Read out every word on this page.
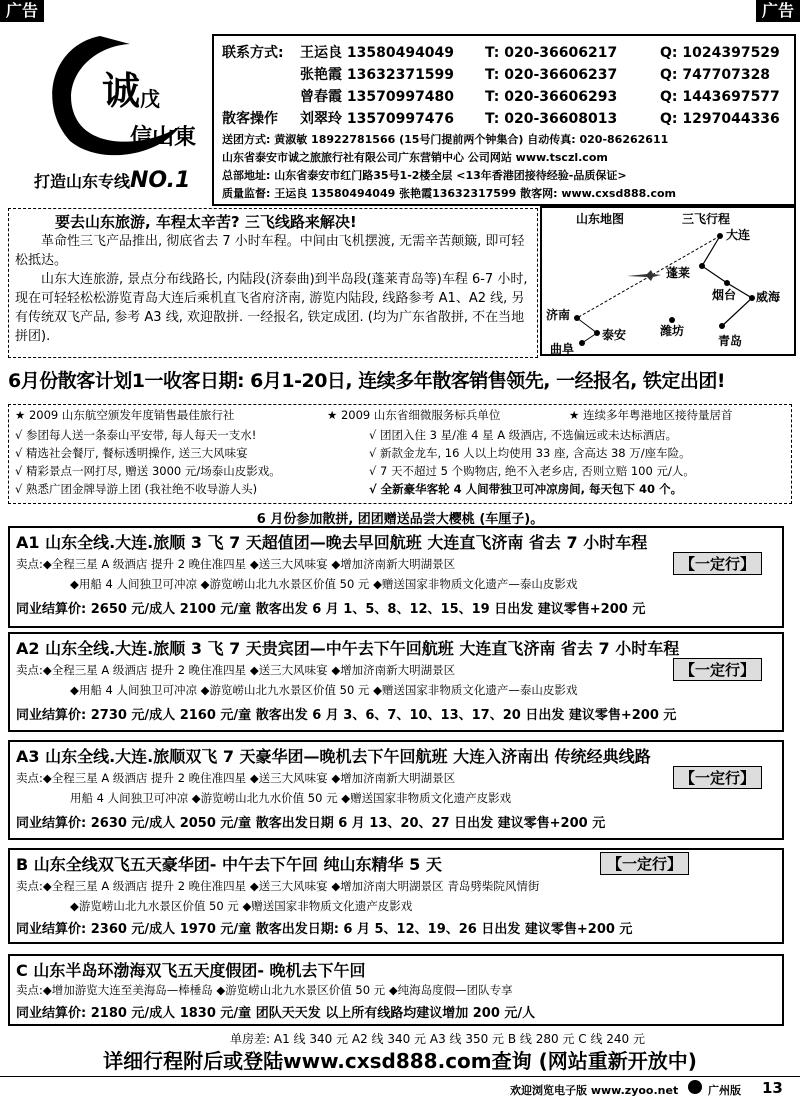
广告	广告
诚 戊
信山東
打造山东专线NO.1
联系方式: 王运良 13580494049 T: 020-36606217	Q: 1024397529
张艳霞 13632371599 T: 020-36606237	Q: 747707328
曾春霞 13570997480 T: 020-36606293	Q: 1443697577
散客操作 刘翠玲 13570997476 T: 020-36608013	Q: 1297044336
送团方式: 黄淑敏 18922781566 (15号门提前两个钟集合) 自动传真: 020-86262611
山东省泰安市诚之旅旅行社有限公司广东营销中心 公司网站 www.tsczl.com
总部地址: 山东省泰安市红门路35号1-2楼全层 <13年香港团接待经验-品质保证>
质量监督: 王运良 13580494049 张艳霞13632317599 散客网: www.cxsd888.com
要去山东旅游, 车程太辛苦? 三飞线路来解决!
革命性三飞产品推出, 彻底省去 7 小时车程。中间由飞机摆渡, 无需辛苦颠簸, 即可轻松抵达。
山东大连旅游, 景点分布线路长, 内陆段(济泰曲)到半岛段(蓬莱青岛等)车程 6-7 小时, 现在可轻轻松松游览青岛大连后乘机直飞省府济南, 游览内陆段, 线路参考 A1、A2 线, 另有传统双飞产品, 参考 A3 线, 欢迎散拼. 一经报名, 铁定成团. (均为广东省散拼, 不在当地拼团).
山东地图	三飞行程
大连
蓬莱
烟台 威海
济南
泰安	潍坊
青岛
曲阜
6月份散客计划1一收客日期: 6月1-20日, 连续多年散客销售领先, 一经报名, 铁定出团!
★ 2009 山东航空颁发年度销售最佳旅行社	★ 2009 山东省细微服务标兵单位	★ 连续多年粤港地区接待量居首
√ 参团每人送一条泰山平安带, 每人每天一支水!
√ 精选社会餐厅, 餐标透明操作, 送三大风味宴
√ 精彩景点一网打尽, 赠送 3000 元/场泰山皮影戏。
√ 熟悉广团金牌导游上团 (我社绝不收导游人头)
√ 团团入住 3 星/准 4 星 A 级酒店, 不选偏远或未达标酒店。
√ 新款金龙车, 16 人以上均使用 33 座, 含高达 38 万/座车险。
√ 7 天不超过 5 个购物店, 绝不入老乡店, 否则立赔 100 元/人。
√ 全新豪华客轮 4 人间带独卫可冲凉房间, 每天包下 40 个。
6 月份参加散拼, 团团赠送品尝大樱桃 (车厘子)。
A1 山东全线.大连.旅顺 3 飞 7 天超值团—晚去早回航班 大连直飞济南 省去 7 小时车程
卖点:◆全程三星 A 级酒店 提升 2 晚住准四星 ◆送三大风味宴 ◆增加济南新大明湖景区
◆用船 4 人间独卫可冲凉 ◆游览崂山北九水景区价值 50 元 ◆赠送国家非物质文化遗产—泰山皮影戏
【一定行】
同业结算价: 2650 元/成人 2100 元/童 散客出发 6 月 1、5、8、12、15、19 日出发 建议零售+200 元
A2 山东全线.大连.旅顺 3 飞 7 天贵宾团—中午去下午回航班 大连直飞济南 省去 7 小时车程
卖点:◆全程三星 A 级酒店 提升 2 晚住准四星 ◆送三大风味宴 ◆增加济南新大明湖景区
◆用船 4 人间独卫可冲凉 ◆游览崂山北九水景区价值 50 元 ◆赠送国家非物质文化遗产—泰山皮影戏
【一定行】
同业结算价: 2730 元/成人 2160 元/童 散客出发 6 月 3、6、7、10、13、17、20 日出发 建议零售+200 元
A3 山东全线.大连.旅顺双飞 7 天豪华团—晚机去下午回航班 大连入济南出 传统经典线路
卖点:◆全程三星 A 级酒店 提升 2 晚住准四星 ◆送三大风味宴 ◆增加济南新大明湖景区
用船 4 人间独卫可冲凉 ◆游览崂山北九水价值 50 元 ◆赠送国家非物质文化遗产皮影戏
【一定行】
同业结算价: 2630 元/成人 2050 元/童 散客出发日期 6 月 13、20、27 日出发 建议零售+200 元
B 山东全线双飞五天豪华团- 中午去下午回 纯山东精华 5 天
卖点:◆全程三星 A 级酒店 提升 2 晚住准四星 ◆送三大风味宴 ◆增加济南大明湖景区 青岛劈柴院风情街
◆游览崂山北九水景区价值 50 元 ◆赠送国家非物质文化遗产皮影戏
【一定行】
同业结算价: 2360 元/成人 1970 元/童 散客出发日期: 6 月 5、12、19、26 日出发 建议零售+200 元
C 山东半岛环渤海双飞五天度假团- 晚机去下午回
卖点:◆增加游览大连至美海岛—棒棰岛 ◆游览崂山北九水景区价值 50 元 ◆纯海岛度假—团队专享
同业结算价: 2180 元/成人 1830 元/童 团队天天发 以上所有线路均建议增加 200 元/人
单房差: A1 线 340 元 A2 线 340 元 A3 线 350 元 B 线 280 元 C 线 240 元
详细行程附后或登陆www.cxsd888.com查询 (网站重新开放中)
欢迎浏览电子版 www.zyoo.net	广州版 13
